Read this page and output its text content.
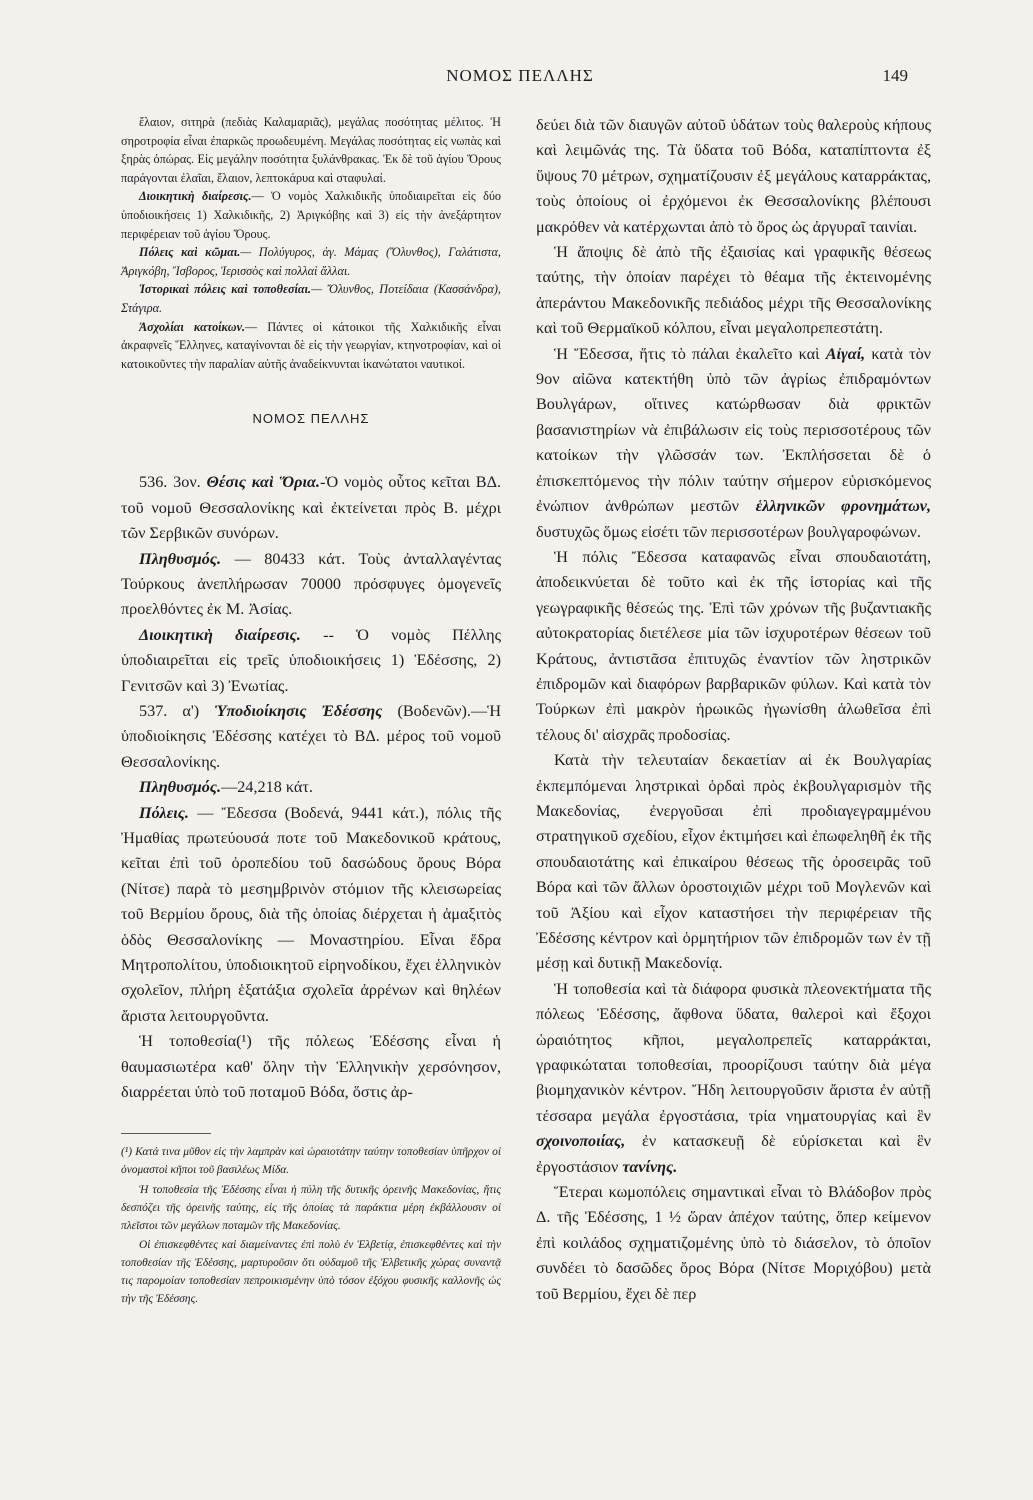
ΝΟΜΟΣ ΠΕΛΛΗΣ	149

ἔλαιον, σιτηρὰ (πεδιὰς Καλαμαριᾶς), μεγάλας ποσότητας μέλιτος. Ἡ σηροτροφία εἶναι ἐπαρκῶς προωδευμένη. Μεγάλας ποσότητας εἰς νωπὰς καὶ ξηρὰς ὀπώρας. Εἰς μεγάλην ποσότητα ξυλάνθρακας. Ἐκ δὲ τοῦ ἁγίου Ὄρους παράγονται ἐλαῖαι, ἔλαιον, λεπτοκάρυα καὶ σταφυλαί.

Διοικητικὴ διαίρεσις.— Ὁ νομὸς Χαλκιδικῆς ὑποδιαιρεῖται εἰς δύο ὑποδιοικήσεις 1) Χαλκιδικῆς, 2) Ἀριγκόβης καὶ 3) εἰς τὴν ἀνεξάρτητον περιφέρειαν τοῦ ἁγίου Ὄρους.

Πόλεις καὶ κῶμαι.— Πολύγυρος, ἁγ. Μάμας (Ὄλυνθος), Γαλάτιστα, Ἀριγκόβη, Ἴσβορος, Ἱερισσὸς καὶ πολλαὶ ἄλλαι.

Ἱστορικαὶ πόλεις καὶ τοποθεσίαι.— Ὄλυνθος, Ποτείδαια (Κασσάνδρα), Στάγιρα.

Ἀσχολίαι κατοίκων.— Πάντες οἱ κάτοικοι τῆς Χαλκιδικῆς εἶναι ἀκραφνεῖς Ἕλληνες, καταγίνονται δὲ εἰς τὴν γεωργίαν, κτηνοτροφίαν, καὶ οἱ κατοικοῦντες τὴν παραλίαν αὐτῆς ἀναδείκνυνται ἱκανώτατοι ναυτικοί.

ΝΟΜΟΣ ΠΕΛΛΗΣ

536. 3ον. Θέσις καὶ Ὅρια.-Ὁ νομὸς οὗτος κεῖται ΒΔ. τοῦ νομοῦ Θεσσαλονίκης καὶ ἐκτείνεται πρὸς Β. μέχρι τῶν Σερβικῶν συνόρων.

Πληθυσμός. — 80433 κάτ. Τοὺς ἀνταλλαγέντας Τούρκους ἀνεπλήρωσαν 70000 πρόσφυγες ὁμογενεῖς προελθόντες ἐκ Μ. Ἀσίας.

Διοικητικὴ διαίρεσις. -- Ὁ νομὸς Πέλλης ὑποδιαιρεῖται εἰς τρεῖς ὑποδιοικήσεις 1) Ἐδέσσης, 2) Γενιτσῶν καὶ 3) Ἐνωτίας.

537. α') Ὑποδιοίκησις Ἐδέσσης (Βοδενῶν).—Ἡ ὑποδιοίκησις Ἐδέσσης κατέχει τὸ ΒΔ. μέρος τοῦ νομοῦ Θεσσαλονίκης.

Πληθυσμός.—24,218 κάτ.

Πόλεις. — Ἔδεσσα (Βοδενά, 9441 κάτ.), πόλις τῆς Ἠμαθίας πρωτεύουσά ποτε τοῦ Μακεδονικοῦ κράτους, κεῖται ἐπὶ τοῦ ὀροπεδίου τοῦ δασώδους ὄρους Βόρα (Νίτσε) παρὰ τὸ μεσημβρινὸν στόμιον τῆς κλεισωρείας τοῦ Βερμίου ὄρους, διὰ τῆς ὁποίας διέρχεται ἡ ἁμαξιτὸς ὁδὸς Θεσσαλονίκης — Μοναστηρίου. Εἶναι ἕδρα Μητροπολίτου, ὑποδιοικητοῦ εἰρηνοδίκου, ἔχει ἑλληνικὸν σχολεῖον, πλήρη ἑξατάξια σχολεῖα ἀρρένων καὶ θηλέων ἄριστα λειτουργοῦντα.

Ἡ τοποθεσία(¹) τῆς πόλεως Ἐδέσσης εἶναι ἡ θαυμασιωτέρα καθ' ὅλην τὴν Ἑλληνικὴν χερσόνησον, διαρρέεται ὑπὸ τοῦ ποταμοῦ Βόδα, ὅστις ἀρ-

(¹) Κατά τινα μῦθον εἰς τὴν λαμπρὰν καὶ ὡραιοτάτην ταύτην τοποθεσίαν ὑπῆρχον οἱ ὀνομαστοὶ κῆποι τοῦ βασιλέως Μίδα.

Ἡ τοποθεσία τῆς Ἐδέσσης εἶναι ἡ πύλη τῆς δυτικῆς ὀρεινῆς Μακεδονίας, ἥτις δεσπόζει τῆς ὀρεινῆς ταύτης, εἰς τῆς ὁποίας τὰ παράκτια μέρη ἐκβάλλουσιν οἱ πλεῖστοι τῶν μεγάλων ποταμῶν τῆς Μακεδονίας.

Οἱ ἐπισκεφθέντες καὶ διαμείναντες ἐπὶ πολὺ ἐν Ἑλβετίᾳ, ἐπισκεφθέντες καὶ τὴν τοποθεσίαν τῆς Ἐδέσσης, μαρτυροῦσιν ὅτι οὐδαμοῦ τῆς Ἑλβετικῆς χώρας συναντᾷ τις παρομοίαν τοποθεσίαν πεπροικισμένην ὑπὸ τόσον ἐξόχου φυσικῆς καλλονῆς ὡς τὴν τῆς Ἐδέσσης.

δεύει διὰ τῶν διαυγῶν αὐτοῦ ὑδάτων τοὺς θαλεροὺς κήπους καὶ λειμῶνάς της. Τὰ ὕδατα τοῦ Βόδα, καταπίπτοντα ἐξ ὕψους 70 μέτρων, σχηματίζουσιν ἐξ μεγάλους καταρράκτας, τοὺς ὁποίους οἱ ἐρχόμενοι ἐκ Θεσσαλονίκης βλέπουσι μακρόθεν νὰ κατέρχωνται ἀπὸ τὸ ὄρος ὡς ἀργυραῖ ταινίαι.

Ἡ ἄποψις δὲ ἀπὸ τῆς ἐξαισίας καὶ γραφικῆς θέσεως ταύτης, τὴν ὁποίαν παρέχει τὸ θέαμα τῆς ἐκτεινομένης ἀπεράντου Μακεδονικῆς πεδιάδος μέχρι τῆς Θεσσαλονίκης καὶ τοῦ Θερμαϊκοῦ κόλπου, εἶναι μεγαλοπρεπεστάτη.

Ἡ Ἔδεσσα, ἥτις τὸ πάλαι ἐκαλεῖτο καὶ Αἰγαί, κατὰ τὸν 9ον αἰῶνα κατεκτήθη ὑπὸ τῶν ἀγρίως ἐπιδραμόντων Βουλγάρων, οἵτινες κατώρθωσαν διὰ φρικτῶν βασανιστηρίων νὰ ἐπιβάλωσιν εἰς τοὺς περισσοτέρους τῶν κατοίκων τὴν γλῶσσάν των. Ἐκπλήσσεται δὲ ὁ ἐπισκεπτόμενος τὴν πόλιν ταύτην σήμερον εὑρισκόμενος ἐνώπιον ἀνθρώπων μεστῶν ἑλληνικῶν φρονημάτων, δυστυχῶς ὅμως εἰσέτι τῶν περισσοτέρων βουλγαροφώνων.

Ἡ πόλις Ἔδεσσα καταφανῶς εἶναι σπουδαιοτάτη, ἀποδεικνύεται δὲ τοῦτο καὶ ἐκ τῆς ἱστορίας καὶ τῆς γεωγραφικῆς θέσεώς της. Ἐπὶ τῶν χρόνων τῆς βυζαντιακῆς αὐτοκρατορίας διετέλεσε μία τῶν ἰσχυροτέρων θέσεων τοῦ Κράτους, ἀντιστᾶσα ἐπιτυχῶς ἐναντίον τῶν ληστρικῶν ἐπιδρομῶν καὶ διαφόρων βαρβαρικῶν φύλων. Καὶ κατὰ τὸν Τούρκων ἐπὶ μακρὸν ἡρωικῶς ἠγωνίσθη ἁλωθεῖσα ἐπὶ τέλους δι' αἰσχρᾶς προδοσίας.

Κατὰ τὴν τελευταίαν δεκαετίαν αἱ ἐκ Βουλγαρίας ἐκπεμπόμεναι ληστρικαὶ ὁρδαὶ πρὸς ἐκβουλγαρισμὸν τῆς Μακεδονίας, ἐνεργοῦσαι ἐπὶ προδιαγεγραμμένου στρατηγικοῦ σχεδίου, εἶχον ἐκτιμήσει καὶ ἐπωφεληθῆ ἐκ τῆς σπουδαιοτάτης καὶ ἐπικαίρου θέσεως τῆς ὀροσειρᾶς τοῦ Βόρα καὶ τῶν ἄλλων ὀροστοιχιῶν μέχρι τοῦ Μογλενῶν καὶ τοῦ Ἀξίου καὶ εἶχον καταστήσει τὴν περιφέρειαν τῆς Ἐδέσσης κέντρον καὶ ὁρμητήριον τῶν ἐπιδρομῶν των ἐν τῇ μέσῃ καὶ δυτικῇ Μακεδονίᾳ.

Ἡ τοποθεσία καὶ τὰ διάφορα φυσικὰ πλεονεκτήματα τῆς πόλεως Ἐδέσσης, ἄφθονα ὕδατα, θαλεροὶ καὶ ἔξοχοι ὡραιότητος κῆποι, μεγαλοπρεπεῖς καταρράκται, γραφικώταται τοποθεσίαι, προορίζουσι ταύτην διὰ μέγα βιομηχανικὸν κέντρον. Ἤδη λειτουργοῦσιν ἄριστα ἐν αὐτῇ τέσσαρα μεγάλα ἐργοστάσια, τρία νηματουργίας καὶ ἓν σχοινοποιίας, ἐν κατασκευῇ δὲ εὑρίσκεται καὶ ἓν ἐργοστάσιον τανίνης.

Ἕτεραι κωμοπόλεις σημαντικαὶ εἶναι τὸ Βλάδοβον πρὸς Δ. τῆς Ἐδέσσης, 1 ½ ὥραν ἀπέχον ταύτης, ὅπερ κείμενον ἐπὶ κοιλάδος σχηματιζομένης ὑπὸ τὸ διάσελον, τὸ ὁποῖον συνδέει τὸ δασῶδες ὄρος Βόρα (Νίτσε Μοριχόβου) μετὰ τοῦ Βερμίου, ἔχει δὲ περ
